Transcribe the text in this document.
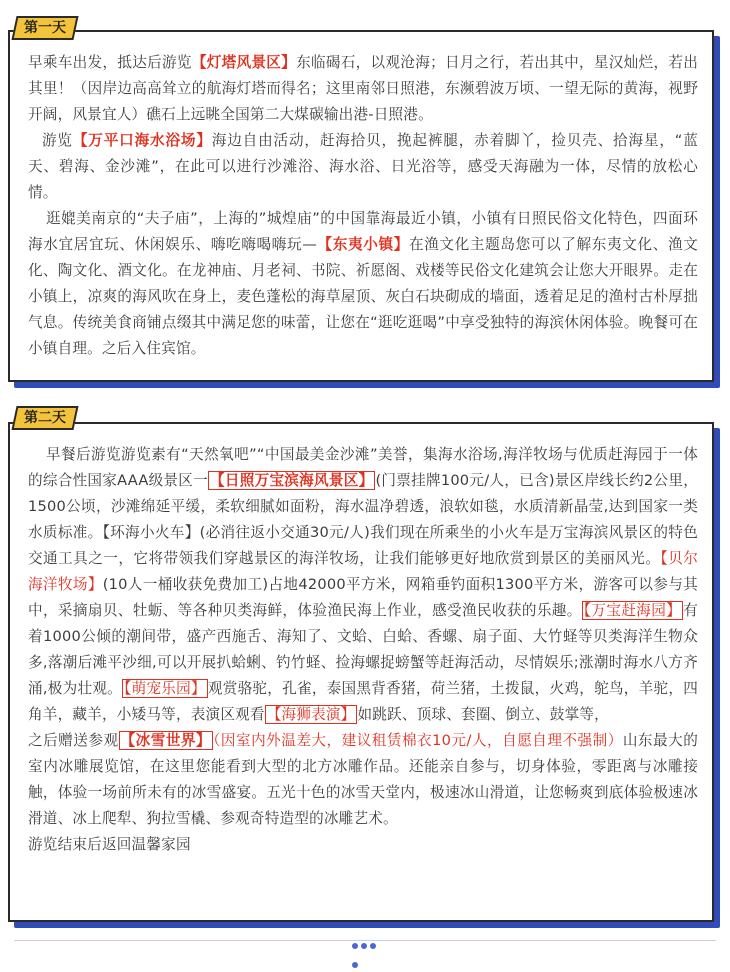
第一天

早乘车出发，抵达后游览【灯塔风景区】东临碣石，以观沧海；日月之行，若出其中，星汉灿烂，若出其里！（因岸边高高耸立的航海灯塔而得名；这里南邻日照港，东濒碧波万顷、一望无际的黄海，视野开阔，风景宜人）礁石上远眺全国第二大煤碳输出港-日照港。

游览【万平口海水浴场】海边自由活动，赶海拾贝，挽起裤腿，赤着脚丫，捡贝壳、拾海星，“蓝天、碧海、金沙滩”，在此可以进行沙滩浴、海水浴、日光浴等，感受天海融为一体，尽情的放松心情。

逛媲美南京的“夫子庙”，上海的”城煌庙”的中国靠海最近小镇，小镇有日照民俗文化特色，四面环海水宜居宜玩、休闲娱乐、嗨吃嗨喝嗨玩—【东夷小镇】在渔文化主题岛您可以了解东夷文化、渔文化、陶文化、酒文化。在龙神庙、月老祠、书院、祈愿阁、戏楼等民俗文化建筑会让您大开眼界。走在小镇上，凉爽的海风吹在身上，麦色蓬松的海草屋顶、灰白石块砌成的墙面，透着足足的渔村古朴厚拙气息。传统美食商铺点缀其中满足您的味蕾，让您在“逛吃逛喝”中享受独特的海滨休闲体验。晚餐可在小镇自理。之后入住宾馆。

第二天

早餐后游览游览素有“天然氧吧”“中国最美金沙滩”美誉，集海水浴场,海洋牧场与优质赶海园于一体的综合性国家AAA级景区一 【日照万宝滨海风景区】 (门票挂牌100元/人，已含)景区岸线长约2公里，1500公顷，沙滩绵延平缓，柔软细腻如面粉，海水温净碧透，浪软如毯，水质清新晶莹,达到国家一类水质标准。【环海小火车】(必消往返小交通30元/人)我们现在所乘坐的小火车是万宝海滨风景区的特色交通工具之一，它将带领我们穿越景区的海洋牧场，让我们能够更好地欣赏到景区的美丽风光。【贝尔海洋牧场】(10人一桶收获免费加工)占地42000平方米，网箱垂钓面积1300平方米，游客可以参与其中，采摘扇贝、牡蛎、等各种贝类海鲜，体验渔民海上作业，感受渔民收获的乐趣。 【万宝赶海园】 有着1000公倾的潮间带，盛产西施舌、海知了、文蛤、白蛤、香螺、扇子面、大竹蛏等贝类海洋生物众多,落潮后滩平沙细,可以开展扒蛤蜊、钓竹蛏、捡海螺捉螃蟹等赶海活动，尽情娱乐;涨潮时海水八方齐涌,极为壮观。 【萌宠乐园】 观赏骆驼，孔雀，泰国黑背香猪，荷兰猪，土拨鼠，火鸡，鸵鸟，羊驼，四角羊，藏羊，小矮马等，表演区观看 【海狮表演】 如跳跃、顶球、套圈、倒立、鼓掌等，

之后赠送参观 【冰雪世界】 （因室内外温差大，建议租赁棉衣10元/人，自愿自理不强制）山东最大的室内冰雕展览馆，在这里您能看到大型的北方冰雕作品。还能亲自参与，切身体验，零距离与冰雕接触，体验一场前所未有的冰雪盛宴。五光十色的冰雪天堂内，极速冰山滑道，让您畅爽到底体验极速冰滑道、冰上爬犁、狗拉雪橇、参观奇特造型的冰雕艺术。

游览结束后返回温馨家园
